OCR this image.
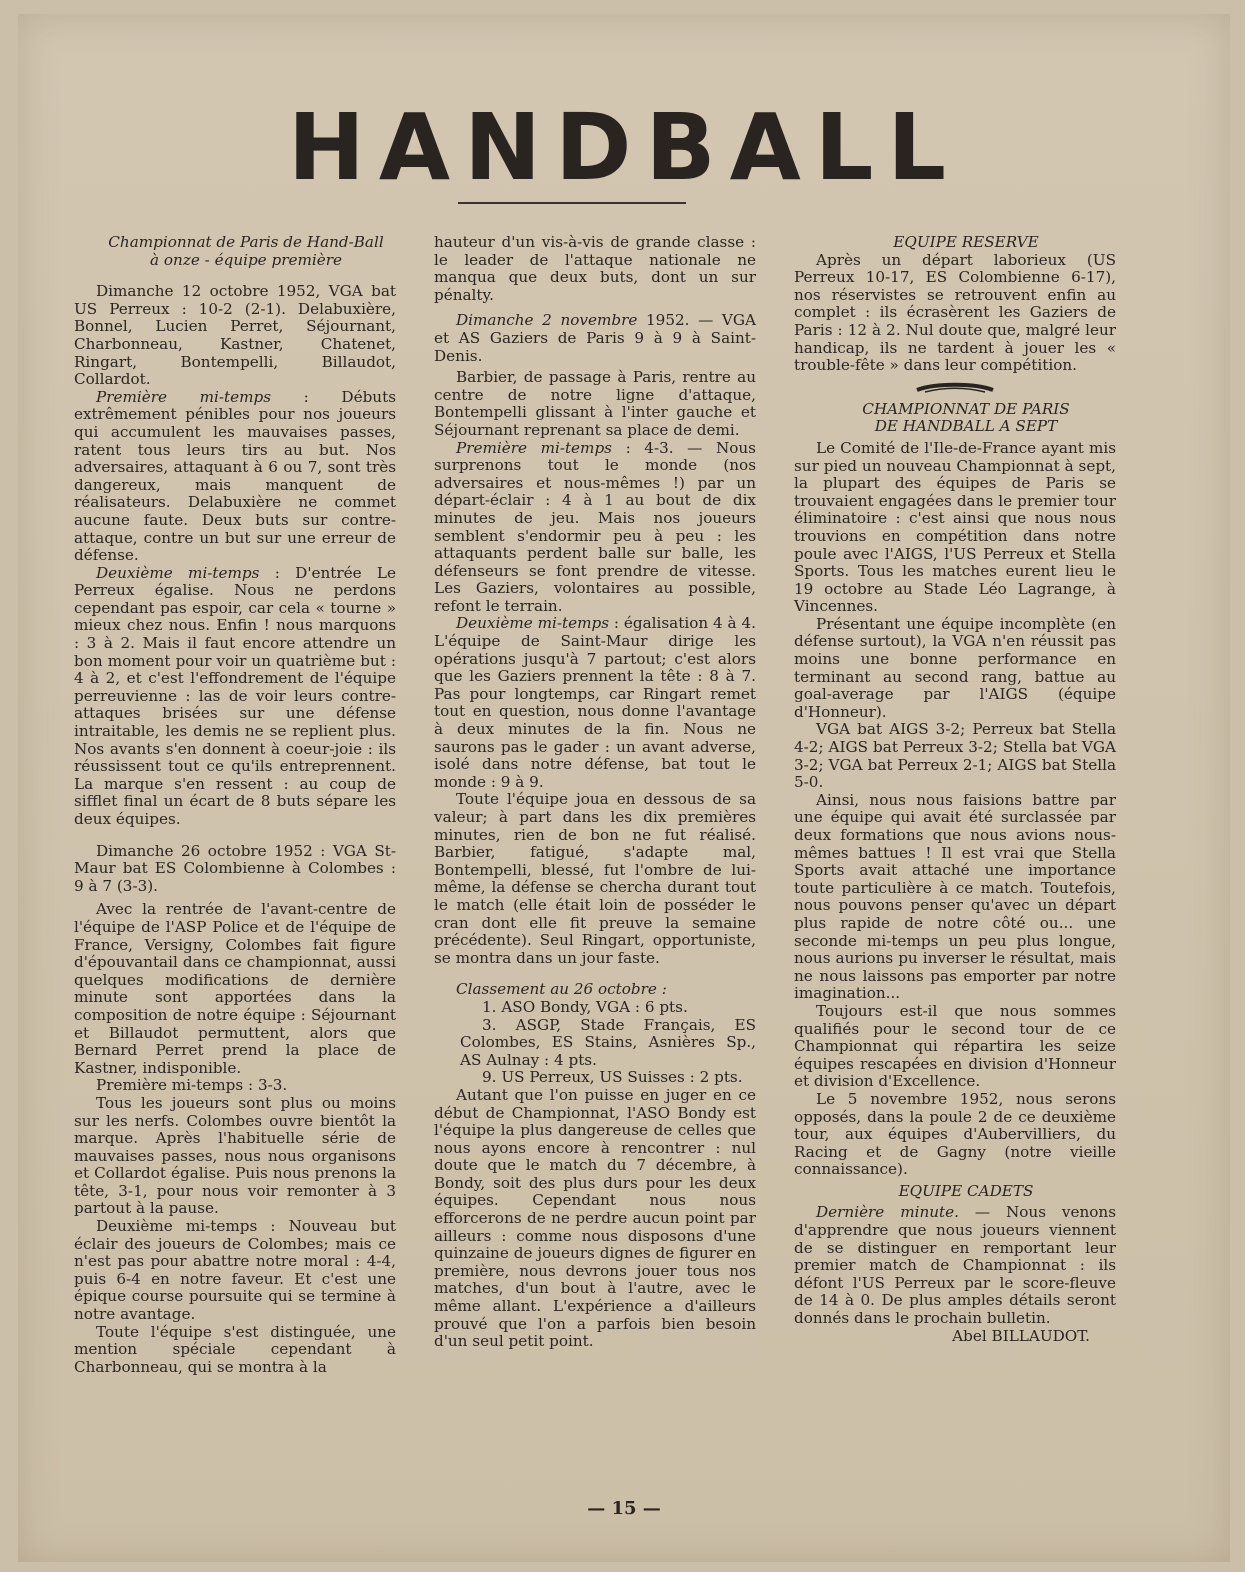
HANDBALL

Championnat de Paris de Hand-Ball

à onze - équipe première

Dimanche 12 octobre 1952, VGA bat US Perreux : 10-2 (2-1). Delabuxière, Bonnel, Lucien Perret, Séjournant, Charbonneau, Kastner, Chatenet, Ringart, Bontempelli, Billaudot, Collardot.

Première mi-temps : Débuts extrêmement pénibles pour nos joueurs qui accumulent les mauvaises passes, ratent tous leurs tirs au but. Nos adversaires, attaquant à 6 ou 7, sont très dangereux, mais manquent de réalisateurs. Delabuxière ne commet aucune faute. Deux buts sur contre-attaque, contre un but sur une erreur de défense.

Deuxième mi-temps : D'entrée Le Perreux égalise. Nous ne perdons cependant pas espoir, car cela « tourne » mieux chez nous. Enfin ! nous marquons : 3 à 2. Mais il faut encore attendre un bon moment pour voir un quatrième but : 4 à 2, et c'est l'effondrement de l'équipe perreuvienne : las de voir leurs contre-attaques brisées sur une défense intraitable, les demis ne se replient plus. Nos avants s'en donnent à coeur-joie : ils réussissent tout ce qu'ils entreprennent. La marque s'en ressent : au coup de sifflet final un écart de 8 buts sépare les deux équipes.

Dimanche 26 octobre 1952 : VGA St-Maur bat ES Colombienne à Colombes : 9 à 7 (3-3).

Avec la rentrée de l'avant-centre de l'équipe de l'ASP Police et de l'équipe de France, Versigny, Colombes fait figure d'épouvantail dans ce championnat, aussi quelques modifications de dernière minute sont apportées dans la composition de notre équipe : Séjournant et Billaudot permuttent, alors que Bernard Perret prend la place de Kastner, indisponible.

Première mi-temps : 3-3.

Tous les joueurs sont plus ou moins sur les nerfs. Colombes ouvre bientôt la marque. Après l'habituelle série de mauvaises passes, nous nous organisons et Collardot égalise. Puis nous prenons la tête, 3-1, pour nous voir remonter à 3 partout à la pause.

Deuxième mi-temps : Nouveau but éclair des joueurs de Colombes; mais ce n'est pas pour abattre notre moral : 4-4, puis 6-4 en notre faveur. Et c'est une épique course poursuite qui se termine à notre avantage.

Toute l'équipe s'est distinguée, une mention spéciale cependant à Charbonneau, qui se montra à la

hauteur d'un vis-à-vis de grande classe : le leader de l'attaque nationale ne manqua que deux buts, dont un sur pénalty.

Dimanche 2 novembre 1952. — VGA et AS Gaziers de Paris 9 à 9 à Saint-Denis.

Barbier, de passage à Paris, rentre au centre de notre ligne d'attaque, Bontempelli glissant à l'inter gauche et Séjournant reprenant sa place de demi.

Première mi-temps : 4-3. — Nous surprenons tout le monde (nos adversaires et nous-mêmes !) par un départ-éclair : 4 à 1 au bout de dix minutes de jeu. Mais nos joueurs semblent s'endormir peu à peu : les attaquants perdent balle sur balle, les défenseurs se font prendre de vitesse. Les Gaziers, volontaires au possible, refont le terrain.

Deuxième mi-temps : égalisation 4 à 4. L'équipe de Saint-Maur dirige les opérations jusqu'à 7 partout; c'est alors que les Gaziers prennent la tête : 8 à 7. Pas pour longtemps, car Ringart remet tout en question, nous donne l'avantage à deux minutes de la fin. Nous ne saurons pas le gader : un avant adverse, isolé dans notre défense, bat tout le monde : 9 à 9.

Toute l'équipe joua en dessous de sa valeur; à part dans les dix premières minutes, rien de bon ne fut réalisé. Barbier, fatigué, s'adapte mal, Bontempelli, blessé, fut l'ombre de lui-même, la défense se chercha durant tout le match (elle était loin de posséder le cran dont elle fit preuve la semaine précédente). Seul Ringart, opportuniste, se montra dans un jour faste.

Classement au 26 octobre :

1. ASO Bondy, VGA : 6 pts.

3. ASGP, Stade Français, ES Colombes, ES Stains, Asnières Sp., AS Aulnay : 4 pts.

9. US Perreux, US Suisses : 2 pts.

Autant que l'on puisse en juger en ce début de Championnat, l'ASO Bondy est l'équipe la plus dangereuse de celles que nous ayons encore à rencontrer : nul doute que le match du 7 décembre, à Bondy, soit des plus durs pour les deux équipes. Cependant nous nous efforcerons de ne perdre aucun point par ailleurs : comme nous disposons d'une quinzaine de joueurs dignes de figurer en première, nous devrons jouer tous nos matches, d'un bout à l'autre, avec le même allant. L'expérience a d'ailleurs prouvé que l'on a parfois bien besoin d'un seul petit point.

EQUIPE RESERVE

Après un départ laborieux (US Perreux 10-17, ES Colombienne 6-17), nos réservistes se retrouvent enfin au complet : ils écrasèrent les Gaziers de Paris : 12 à 2. Nul doute que, malgré leur handicap, ils ne tardent à jouer les « trouble-fête » dans leur compétition.

CHAMPIONNAT DE PARIS

DE HANDBALL A SEPT

Le Comité de l'Ile-de-France ayant mis sur pied un nouveau Championnat à sept, la plupart des équipes de Paris se trouvaient engagées dans le premier tour éliminatoire : c'est ainsi que nous nous trouvions en compétition dans notre poule avec l'AIGS, l'US Perreux et Stella Sports. Tous les matches eurent lieu le 19 octobre au Stade Léo Lagrange, à Vincennes.

Présentant une équipe incomplète (en défense surtout), la VGA n'en réussit pas moins une bonne performance en terminant au second rang, battue au goal-average par l'AIGS (équipe d'Honneur).

VGA bat AIGS 3-2; Perreux bat Stella 4-2; AIGS bat Perreux 3-2; Stella bat VGA 3-2; VGA bat Perreux 2-1; AIGS bat Stella 5-0.

Ainsi, nous nous faisions battre par une équipe qui avait été surclassée par deux formations que nous avions nous-mêmes battues ! Il est vrai que Stella Sports avait attaché une importance toute particulière à ce match. Toutefois, nous pouvons penser qu'avec un départ plus rapide de notre côté ou... une seconde mi-temps un peu plus longue, nous aurions pu inverser le résultat, mais ne nous laissons pas emporter par notre imagination...

Toujours est-il que nous sommes qualifiés pour le second tour de ce Championnat qui répartira les seize équipes rescapées en division d'Honneur et division d'Excellence.

Le 5 novembre 1952, nous serons opposés, dans la poule 2 de ce deuxième tour, aux équipes d'Aubervilliers, du Racing et de Gagny (notre vieille connaissance).

EQUIPE CADETS

Dernière minute. — Nous venons d'apprendre que nous joueurs viennent de se distinguer en remportant leur premier match de Championnat : ils défont l'US Perreux par le score-fleuve de 14 à 0. De plus amples détails seront donnés dans le prochain bulletin.

Abel BILLAUDOT.

— 15 —
